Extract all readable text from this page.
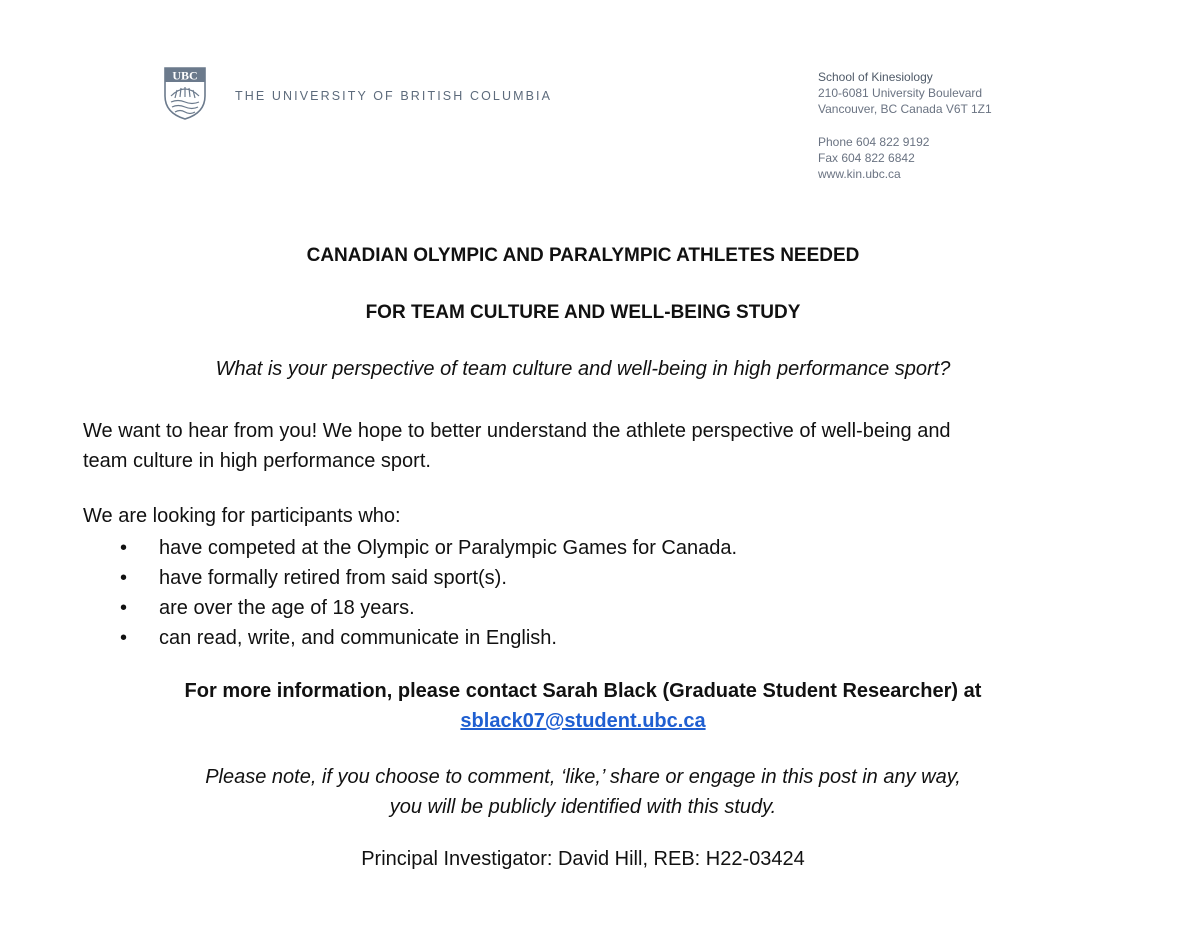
UBC
THE UNIVERSITY OF BRITISH COLUMBIA
School of Kinesiology
210-6081 University Boulevard
Vancouver, BC Canada V6T 1Z1
Phone 604 822 9192
Fax 604 822 6842
www.kin.ubc.ca
CANADIAN OLYMPIC AND PARALYMPIC ATHLETES NEEDED
FOR TEAM CULTURE AND WELL-BEING STUDY
What is your perspective of team culture and well-being in high performance sport?
We want to hear from you! We hope to better understand the athlete perspective of well-being and
team culture in high performance sport.
We are looking for participants who:
• have competed at the Olympic or Paralympic Games for Canada.
• have formally retired from said sport(s).
• are over the age of 18 years.
• can read, write, and communicate in English.
For more information, please contact Sarah Black (Graduate Student Researcher) at
sblack07@student.ubc.ca
Please note, if you choose to comment, ‘like,’ share or engage in this post in any way,
you will be publicly identified with this study.
Principal Investigator: David Hill, REB: H22-03424
